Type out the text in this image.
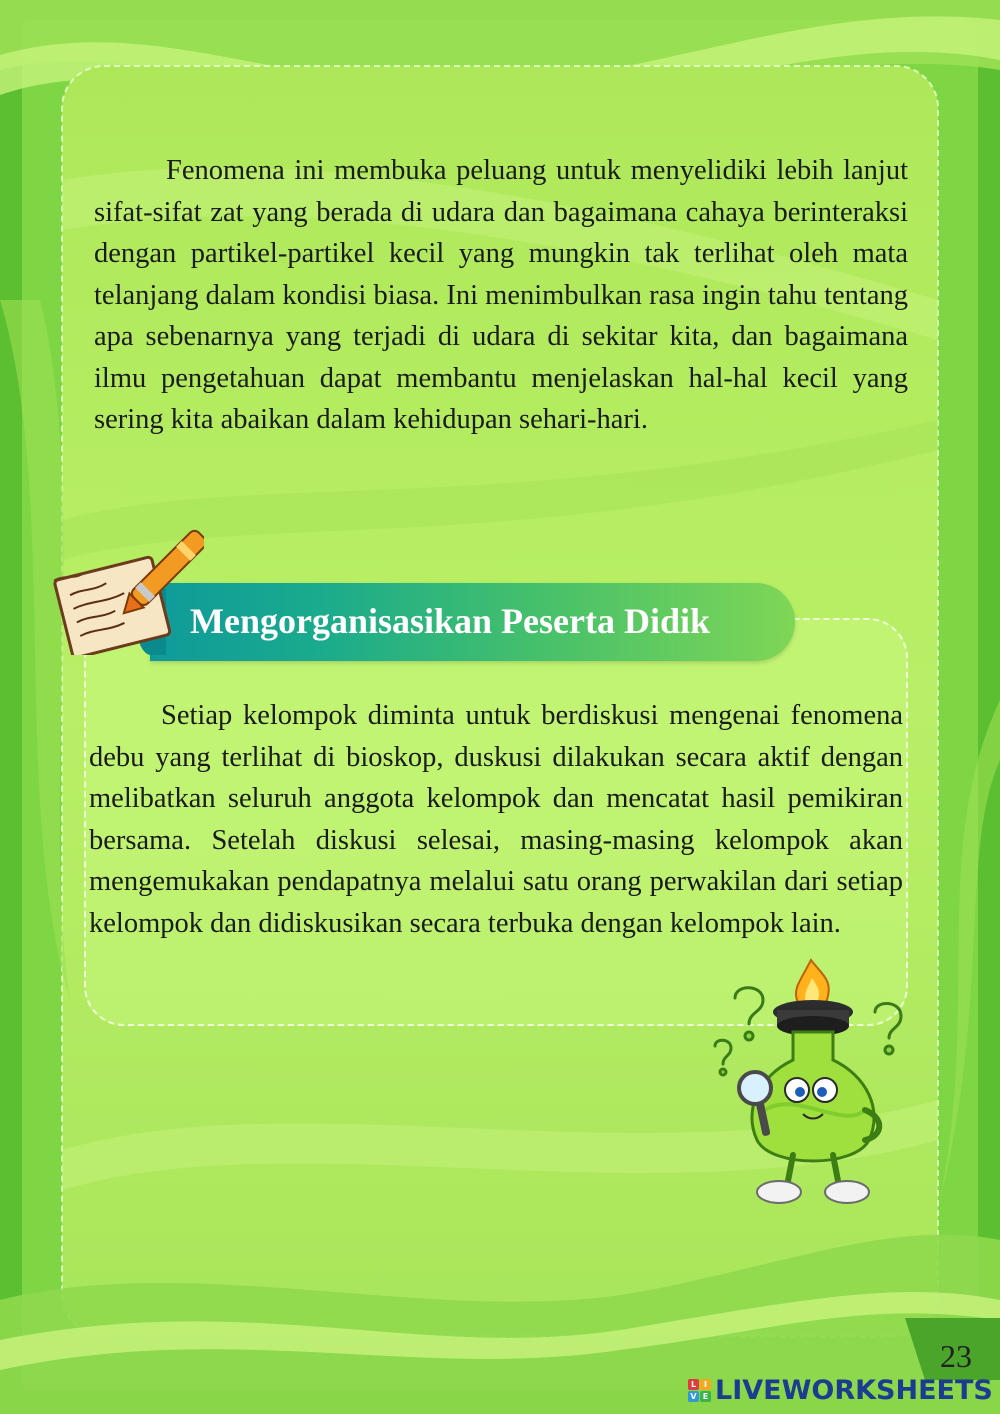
Fenomena ini membuka peluang untuk menyelidiki lebih lanjut sifat-sifat zat yang berada di udara dan bagaimana cahaya berinteraksi dengan partikel-partikel kecil yang mungkin tak terlihat oleh mata telanjang dalam kondisi biasa. Ini menimbulkan rasa ingin tahu tentang apa sebenarnya yang terjadi di udara di sekitar kita, dan bagaimana ilmu pengetahuan dapat membantu menjelaskan hal-hal kecil yang sering kita abaikan dalam kehidupan sehari-hari.

Mengorganisasikan Peserta Didik

Setiap kelompok diminta untuk berdiskusi mengenai fenomena debu yang terlihat di bioskop, duskusi dilakukan secara aktif dengan melibatkan seluruh anggota kelompok dan mencatat hasil pemikiran bersama. Setelah diskusi selesai, masing-masing kelompok akan mengemukakan pendapatnya melalui satu orang perwakilan dari setiap kelompok dan didiskusikan secara terbuka dengan kelompok lain.

23
L I
V E LIVEWORKSHEETS
